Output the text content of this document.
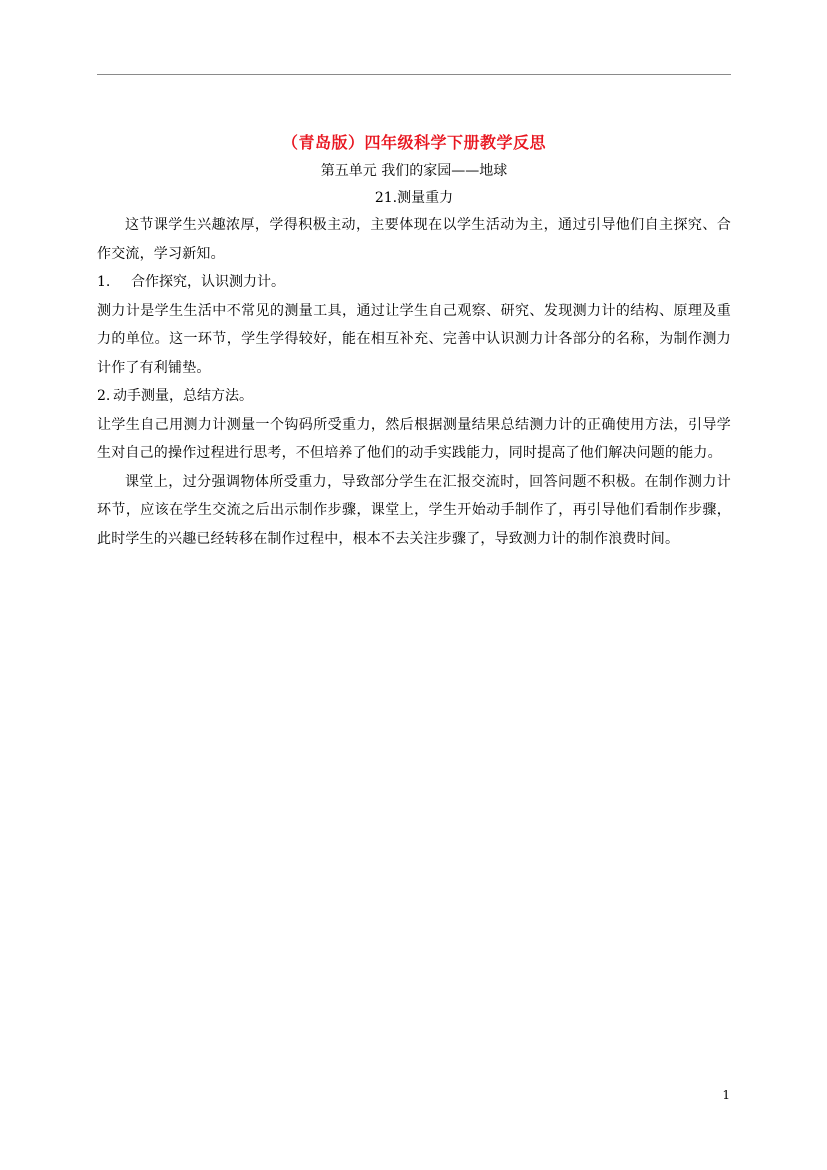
（青岛版）四年级科学下册教学反思

第五单元 我们的家园——地球

21.测量重力

这节课学生兴趣浓厚，学得积极主动，主要体现在以学生活动为主，通过引导他们自主探究、合作交流，学习新知。

1. 合作探究，认识测力计。

测力计是学生生活中不常见的测量工具，通过让学生自己观察、研究、发现测力计的结构、原理及重力的单位。这一环节，学生学得较好，能在相互补充、完善中认识测力计各部分的名称，为制作测力计作了有利铺垫。

2. 动手测量，总结方法。

让学生自己用测力计测量一个钩码所受重力，然后根据测量结果总结测力计的正确使用方法，引导学生对自己的操作过程进行思考，不但培养了他们的动手实践能力，同时提高了他们解决问题的能力。

课堂上，过分强调物体所受重力，导致部分学生在汇报交流时，回答问题不积极。在制作测力计环节，应该在学生交流之后出示制作步骤，课堂上，学生开始动手制作了，再引导他们看制作步骤，此时学生的兴趣已经转移在制作过程中，根本不去关注步骤了，导致测力计的制作浪费时间。

1
